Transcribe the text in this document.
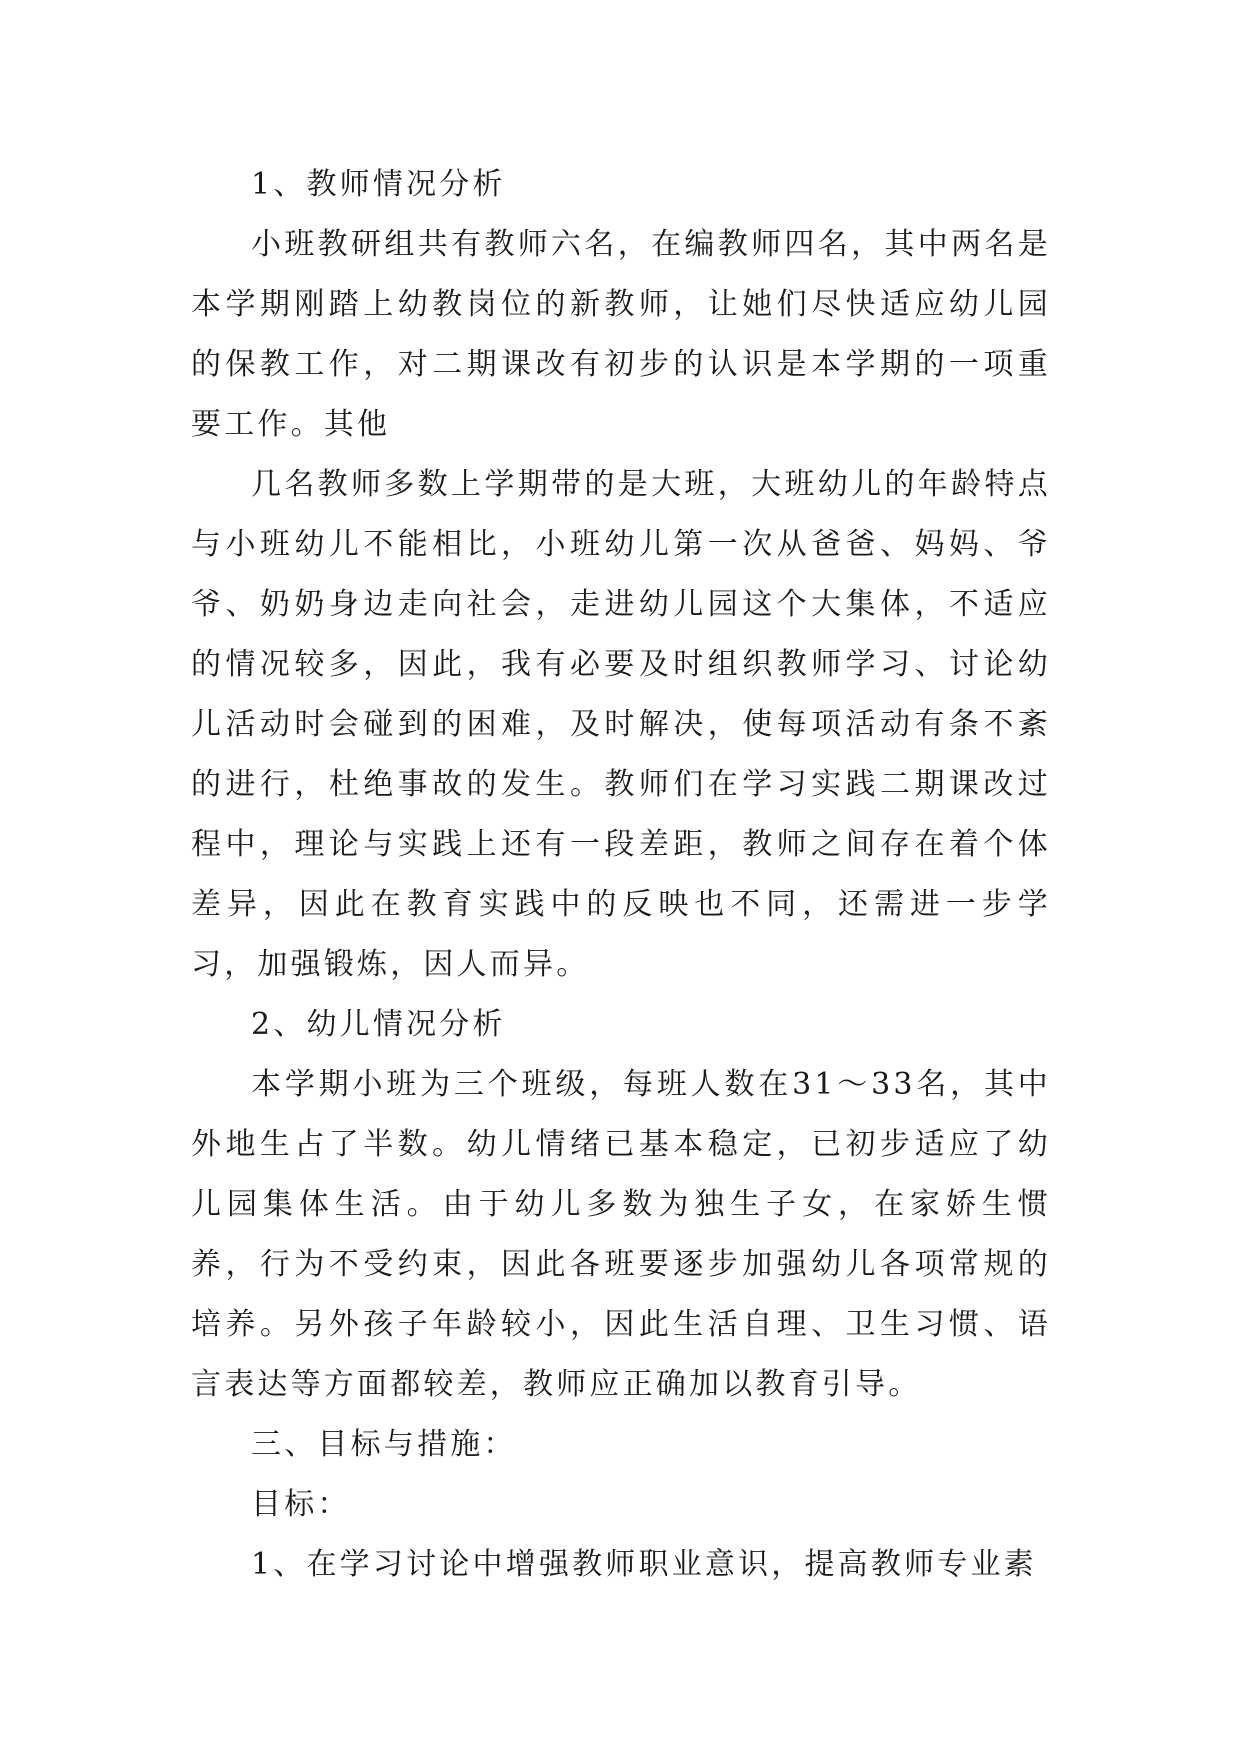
1、教师情况分析

小班教研组共有教师六名，在编教师四名，其中两名是本学期刚踏上幼教岗位的新教师，让她们尽快适应幼儿园的保教工作，对二期课改有初步的认识是本学期的一项重要工作。其他

几名教师多数上学期带的是大班，大班幼儿的年龄特点与小班幼儿不能相比，小班幼儿第一次从爸爸、妈妈、爷爷、奶奶身边走向社会，走进幼儿园这个大集体，不适应的情况较多，因此，我有必要及时组织教师学习、讨论幼儿活动时会碰到的困难，及时解决，使每项活动有条不紊的进行，杜绝事故的发生。教师们在学习实践二期课改过程中，理论与实践上还有一段差距，教师之间存在着个体差异，因此在教育实践中的反映也不同，还需进一步学习，加强锻炼，因人而异。

2、幼儿情况分析

本学期小班为三个班级，每班人数在31～33名，其中外地生占了半数。幼儿情绪已基本稳定，已初步适应了幼儿园集体生活。由于幼儿多数为独生子女，在家娇生惯养，行为不受约束，因此各班要逐步加强幼儿各项常规的培养。另外孩子年龄较小，因此生活自理、卫生习惯、语言表达等方面都较差，教师应正确加以教育引导。

三、目标与措施：

目标：

1、在学习讨论中增强教师职业意识，提高教师专业素
